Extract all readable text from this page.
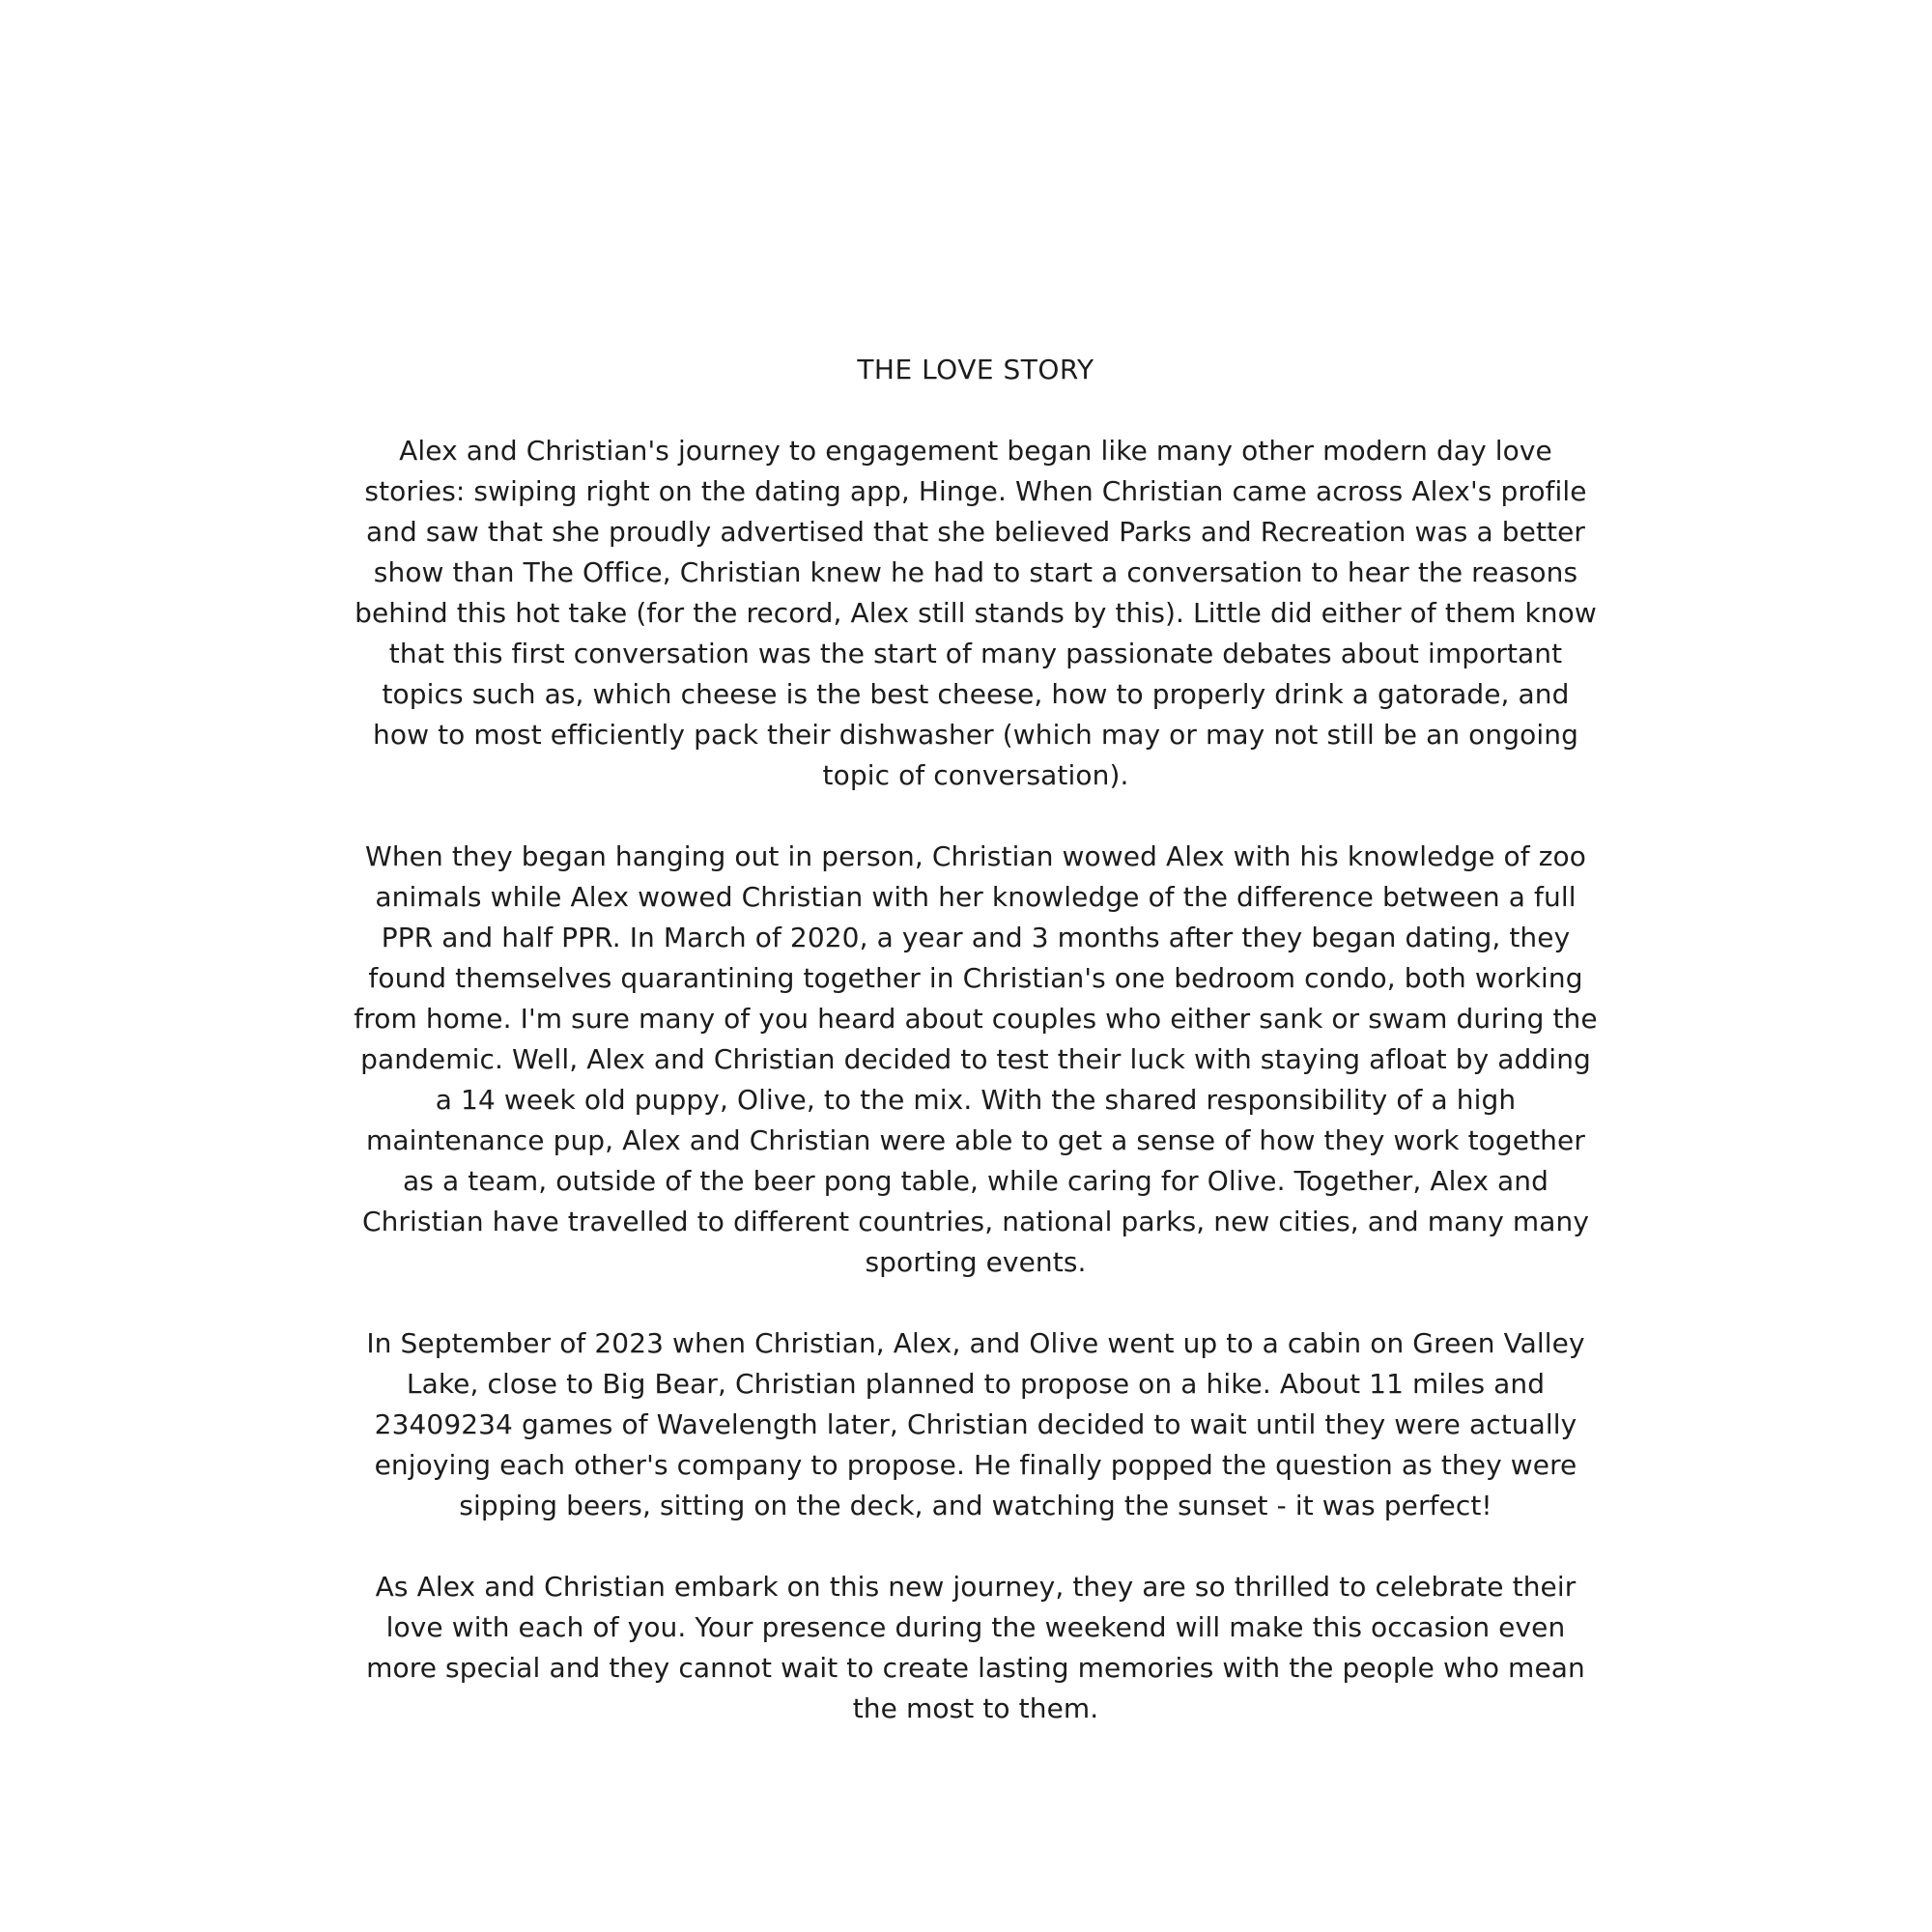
THE LOVE STORY

Alex and Christian's journey to engagement began like many other modern day love stories: swiping right on the dating app, Hinge. When Christian came across Alex's profile and saw that she proudly advertised that she believed Parks and Recreation was a better show than The Office, Christian knew he had to start a conversation to hear the reasons behind this hot take (for the record, Alex still stands by this). Little did either of them know that this first conversation was the start of many passionate debates about important topics such as, which cheese is the best cheese, how to properly drink a gatorade, and how to most efficiently pack their dishwasher (which may or may not still be an ongoing topic of conversation).

When they began hanging out in person, Christian wowed Alex with his knowledge of zoo animals while Alex wowed Christian with her knowledge of the difference between a full PPR and half PPR. In March of 2020, a year and 3 months after they began dating, they found themselves quarantining together in Christian's one bedroom condo, both working from home. I'm sure many of you heard about couples who either sank or swam during the pandemic. Well, Alex and Christian decided to test their luck with staying afloat by adding a 14 week old puppy, Olive, to the mix. With the shared responsibility of a high maintenance pup, Alex and Christian were able to get a sense of how they work together as a team, outside of the beer pong table, while caring for Olive. Together, Alex and Christian have travelled to different countries, national parks, new cities, and many many sporting events.

In September of 2023 when Christian, Alex, and Olive went up to a cabin on Green Valley Lake, close to Big Bear, Christian planned to propose on a hike. About 11 miles and 23409234 games of Wavelength later, Christian decided to wait until they were actually enjoying each other's company to propose. He finally popped the question as they were sipping beers, sitting on the deck, and watching the sunset - it was perfect!

As Alex and Christian embark on this new journey, they are so thrilled to celebrate their love with each of you. Your presence during the weekend will make this occasion even more special and they cannot wait to create lasting memories with the people who mean the most to them.
